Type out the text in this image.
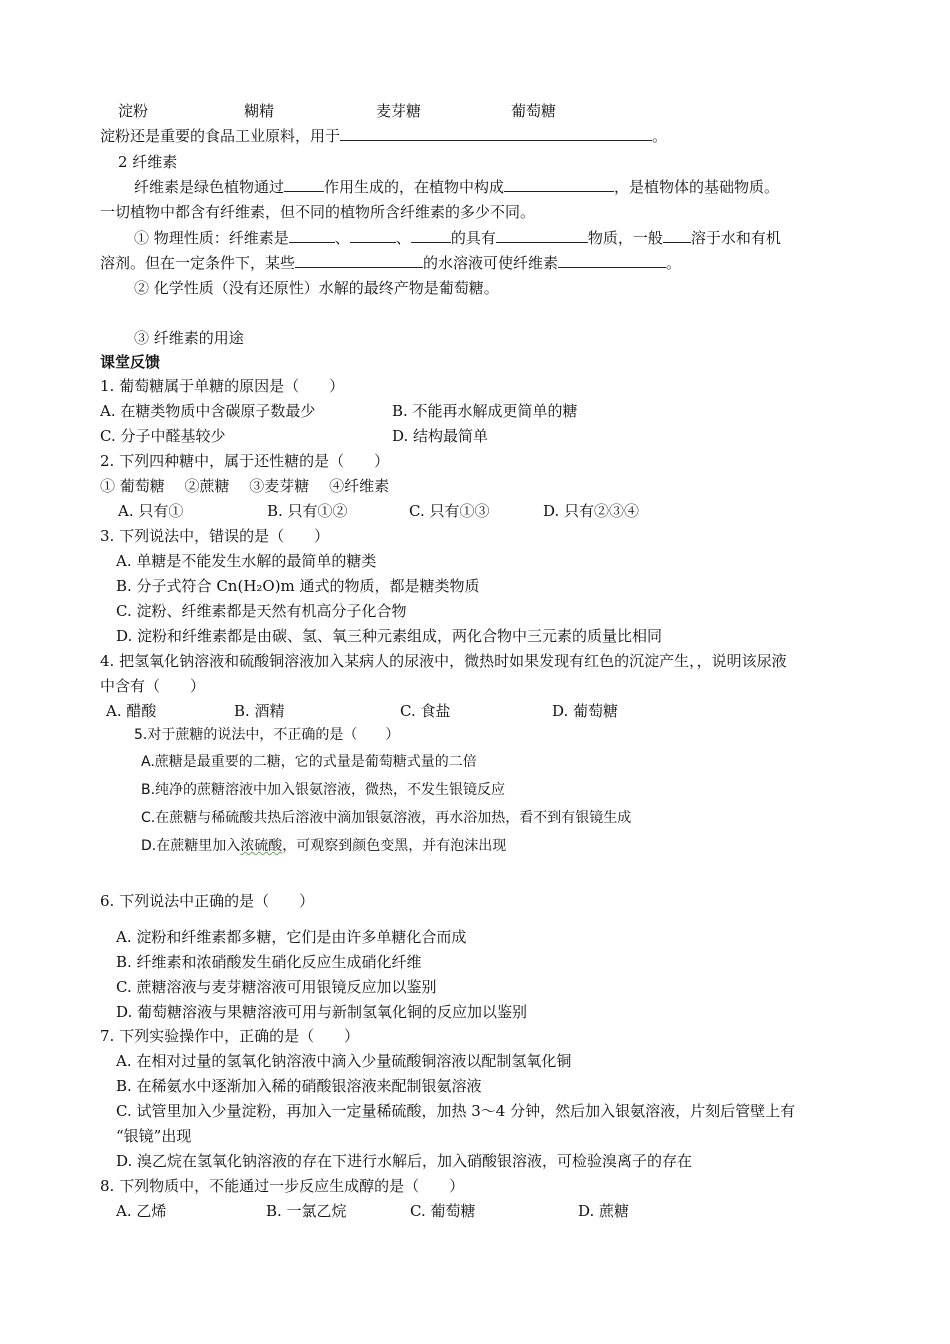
淀粉	糊精	麦芽糖	葡萄糖
淀粉还是重要的食品工业原料，用于	。
2 纤维素
纤维素是绿色植物通过	作用生成的，在植物中构成	，是植物体的基础物质。
一切植物中都含有纤维素，但不同的植物所含纤维素的多少不同。
① 物理性质：纤维素是	、	、	的具有	物质，一般 溶于水和有机
溶剂。但在一定条件下，某些	的水溶液可使纤维素	。
② 化学性质（没有还原性）水解的最终产物是葡萄糖。
③ 纤维素的用途
课堂反馈
1. 葡萄糖属于单糖的原因是（　　）
A. 在糖类物质中含碳原子数最少	B. 不能再水解成更简单的糖
C. 分子中醛基较少	D. 结构最简单
2. 下列四种糖中，属于还性糖的是（　　）
① 葡萄糖　 ②蔗糖　 ③麦芽糖　 ④纤维素
A. 只有①	B. 只有①②	C. 只有①③	D. 只有②③④
3. 下列说法中，错误的是（　　）
A. 单糖是不能发生水解的最简单的糖类
B. 分子式符合 Cn(H₂O)m 通式的物质，都是糖类物质
C. 淀粉、纤维素都是天然有机高分子化合物
D. 淀粉和纤维素都是由碳、氢、氧三种元素组成，两化合物中三元素的质量比相同
4. 把氢氧化钠溶液和硫酸铜溶液加入某病人的尿液中，微热时如果发现有红色的沉淀产生，，说明该尿液
中含有（　　）
A. 醋酸	B. 酒精	C. 食盐	D. 葡萄糖
5.对于蔗糖的说法中，不正确的是（　　）
A.蔗糖是最重要的二糖，它的式量是葡萄糖式量的二倍
B.纯净的蔗糖溶液中加入银氨溶液，微热，不发生银镜反应
C.在蔗糖与稀硫酸共热后溶液中滴加银氨溶液，再水浴加热，看不到有银镜生成
D.在蔗糖里加入浓硫酸，可观察到颜色变黑，并有泡沫出现
6. 下列说法中正确的是（　　）
A. 淀粉和纤维素都多糖，它们是由许多单糖化合而成
B. 纤维素和浓硝酸发生硝化反应生成硝化纤维
C. 蔗糖溶液与麦芽糖溶液可用银镜反应加以鉴别
D. 葡萄糖溶液与果糖溶液可用与新制氢氧化铜的反应加以鉴别
7. 下列实验操作中，正确的是（　　）
A. 在相对过量的氢氧化钠溶液中滴入少量硫酸铜溶液以配制氢氧化铜
B. 在稀氨水中逐渐加入稀的硝酸银溶液来配制银氨溶液
C. 试管里加入少量淀粉，再加入一定量稀硫酸，加热 3～4 分钟，然后加入银氨溶液，片刻后管壁上有
“银镜”出现
D. 溴乙烷在氢氧化钠溶液的存在下进行水解后，加入硝酸银溶液，可检验溴离子的存在
8. 下列物质中，不能通过一步反应生成醇的是（　　）
A. 乙烯	B. 一氯乙烷	C. 葡萄糖	D. 蔗糖
